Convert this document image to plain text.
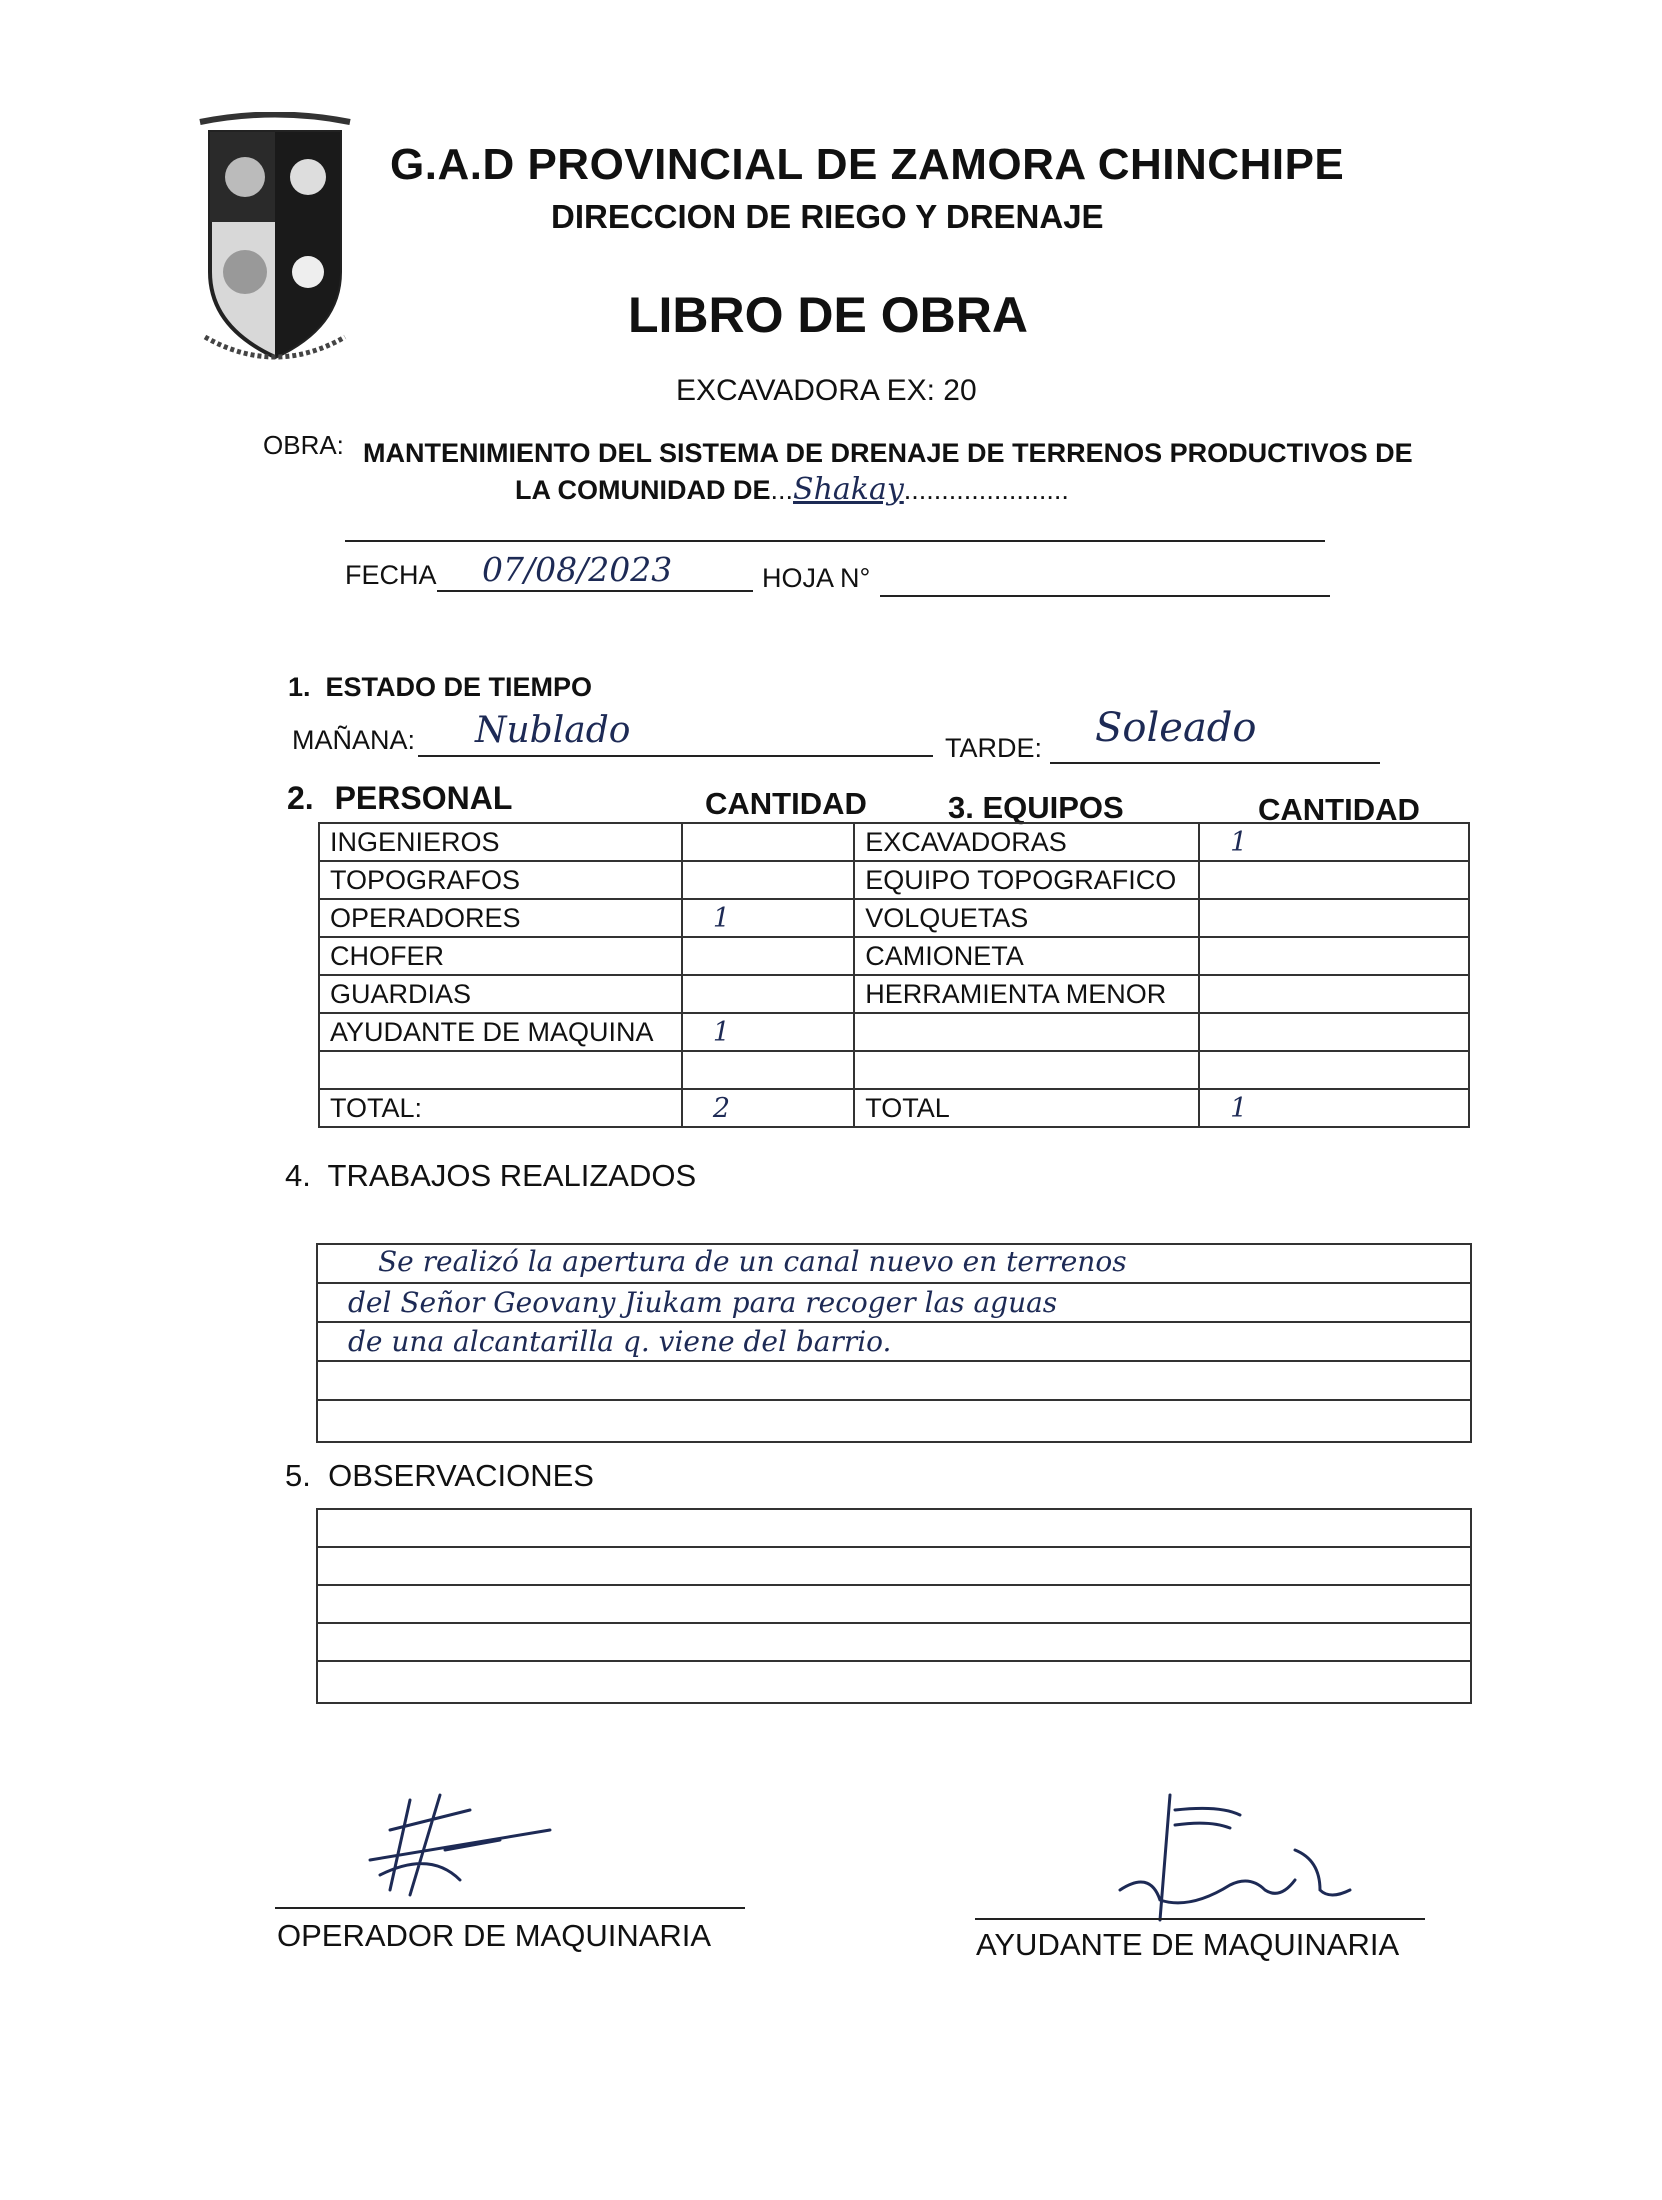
G.A.D PROVINCIAL DE ZAMORA CHINCHIPE
DIRECCION DE RIEGO Y DRENAJE
LIBRO DE OBRA
EXCAVADORA EX: 20
OBRA: MANTENIMIENTO DEL SISTEMA DE DRENAJE DE TERRENOS PRODUCTIVOS DE
LA COMUNIDAD DE...Shakay......................
FECHA 07/08/2023	HOJA N°
1.  ESTADO DE TIEMPO
MAÑANA: Nublado	TARDE: Soleado
2. PERSONAL	CANTIDAD	3. EQUIPOS	CANTIDAD
INGENIEROS		EXCAVADORAS	1
TOPOGRAFOS		EQUIPO TOPOGRAFICO	
OPERADORES	1	VOLQUETAS	
CHOFER		CAMIONETA	
GUARDIAS		HERRAMIENTA MENOR	
AYUDANTE DE MAQUINA	1		

TOTAL:	2	TOTAL	1
4.  TRABAJOS REALIZADOS
Se realizó la apertura de un canal nuevo en terrenos
del Señor Geovany Jiukam para recoger las aguas
de una alcantarilla q. viene del barrio.
5.  OBSERVACIONES
OPERADOR DE MAQUINARIA	AYUDANTE DE MAQUINARIA
